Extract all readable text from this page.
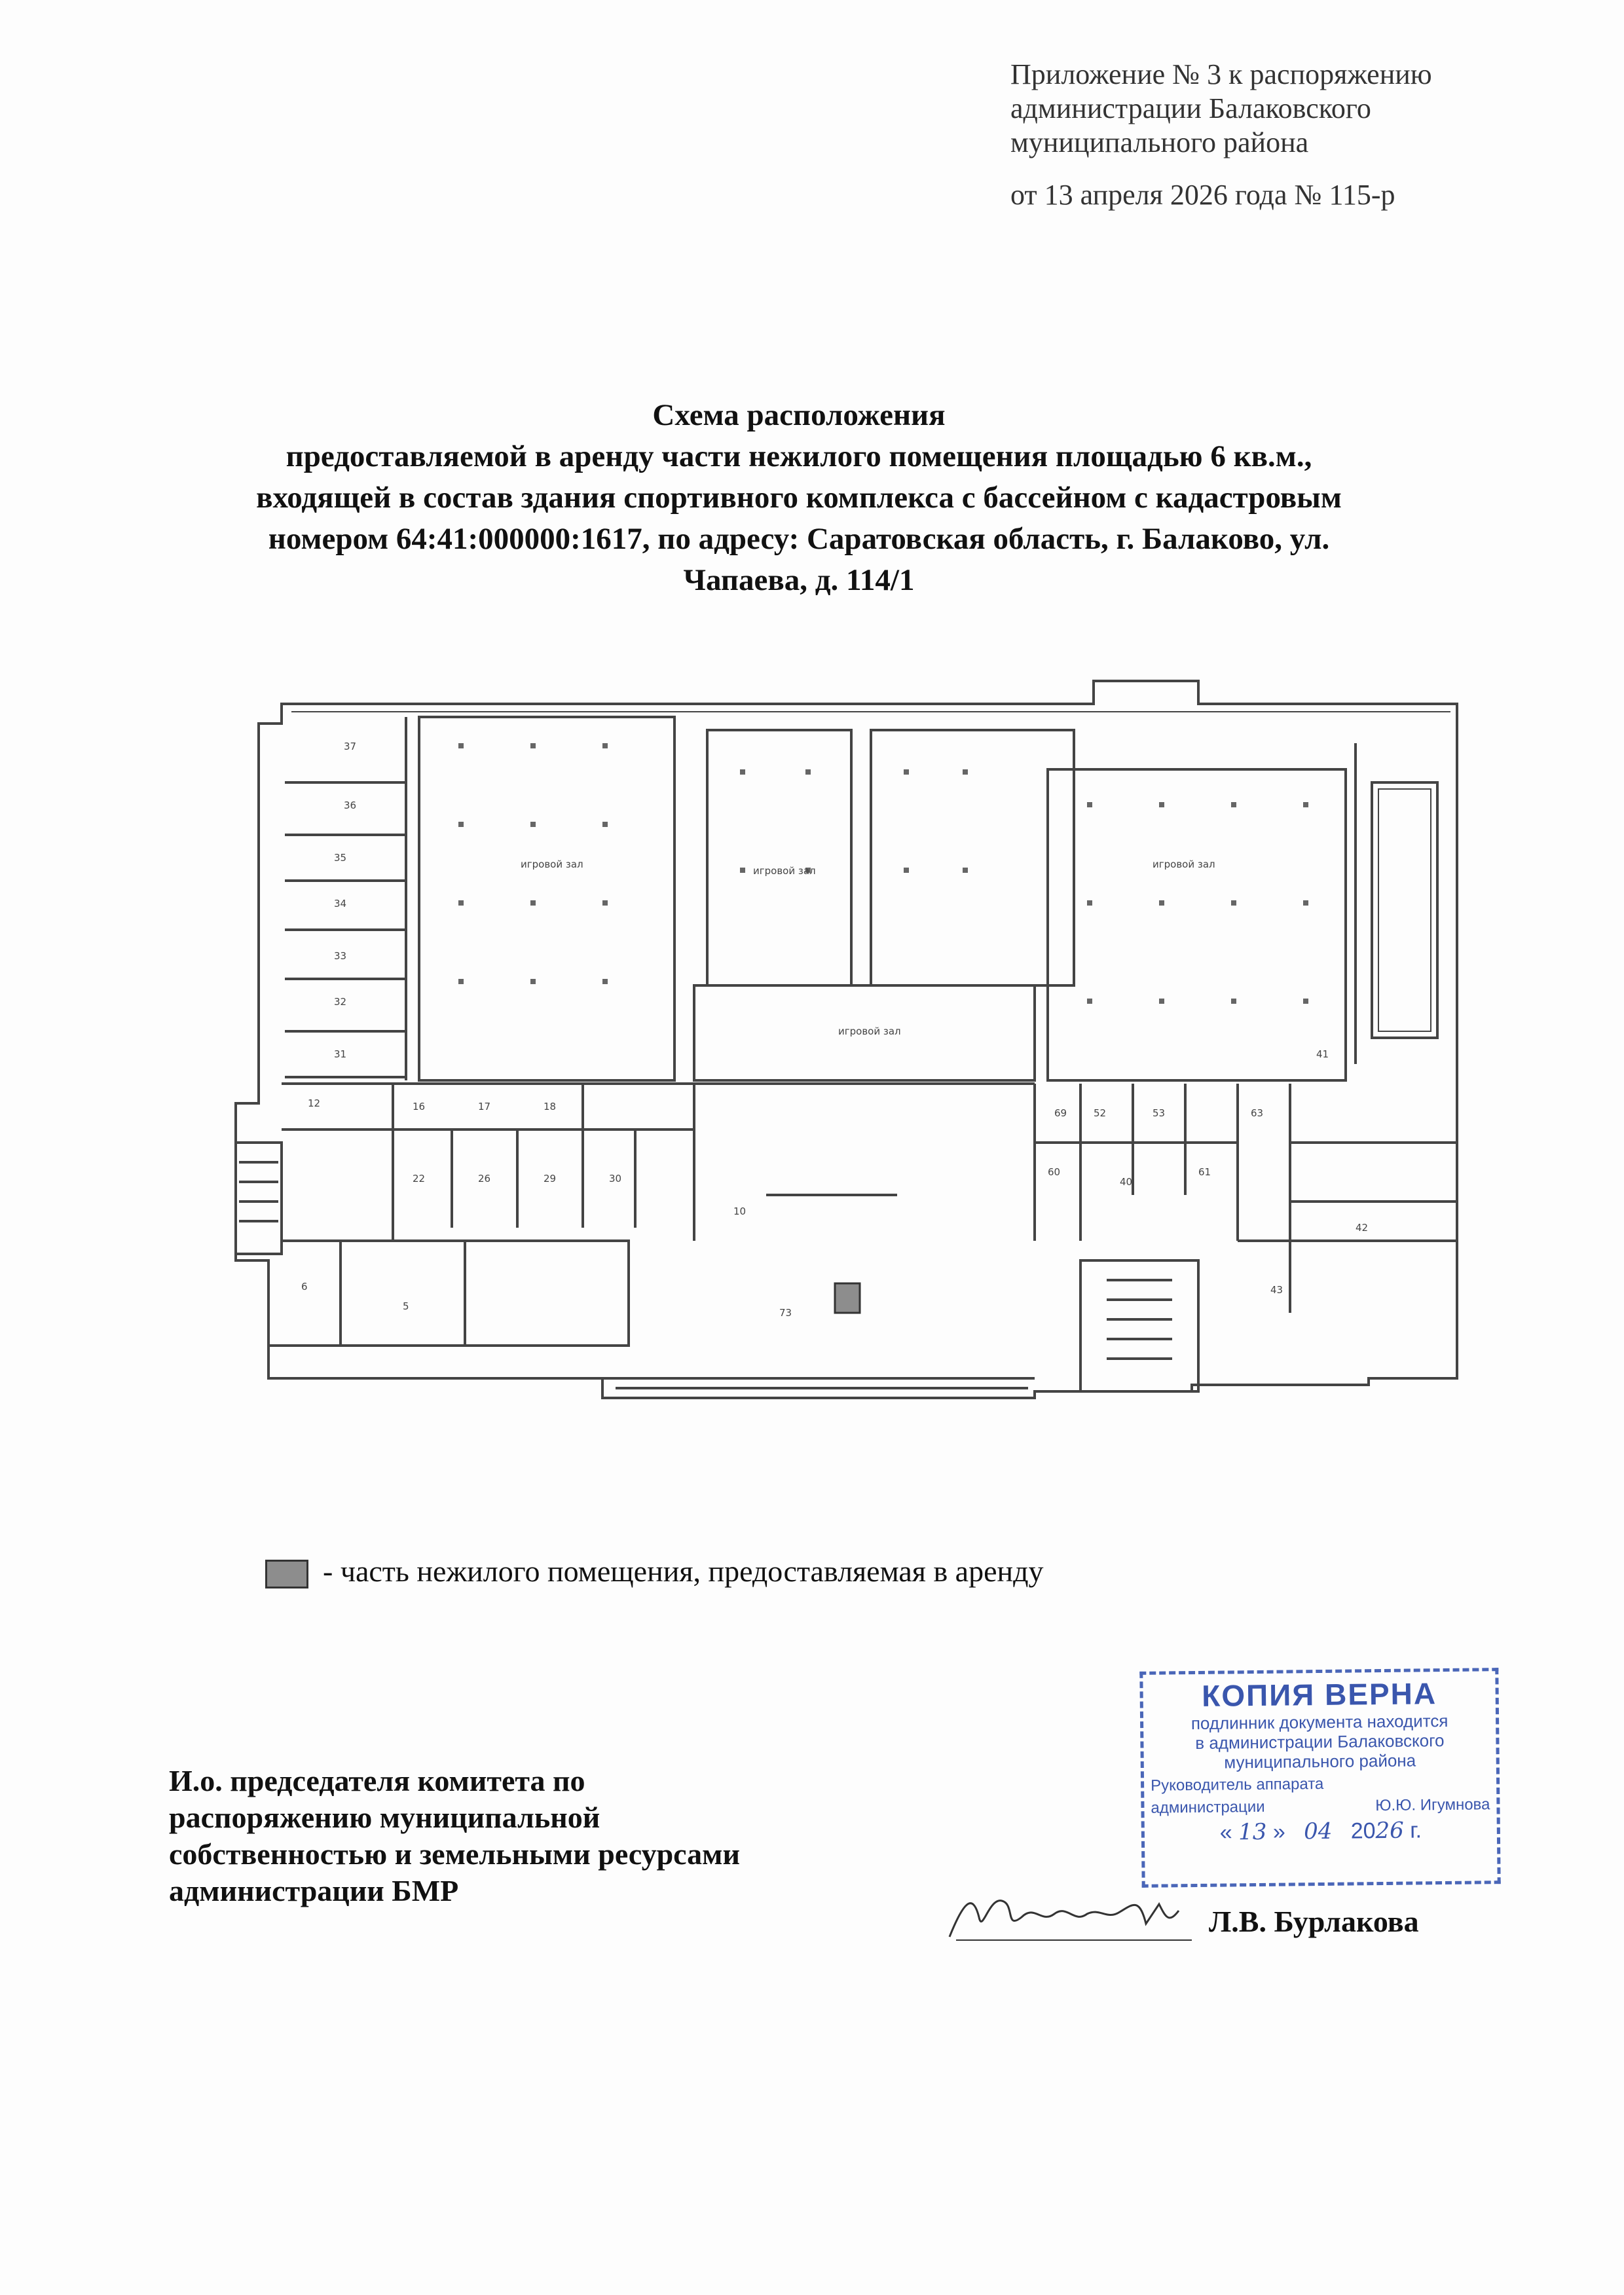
Приложение № 3 к распоряжению
администрации Балаковского
муниципального района
от 13 апреля 2026 года № 115-р
Схема расположения
предоставляемой в аренду части нежилого помещения площадью 6 кв.м.,
входящей в состав здания спортивного комплекса с бассейном с кадастровым
номером 64:41:000000:1617, по адресу: Саратовская область, г. Балаково, ул.
Чапаева, д. 114/1
игровой зал
игровой зал
игровой зал
игровой зал
37
36
35
34
33
32
31
12	16	17	18
22	26	29	30	40
41
42
43
52	53
60	61
63
69
73
5
6
10
- часть нежилого помещения, предоставляемая в аренду
КОПИЯ ВЕРНА
подлинник документа находится
в администрации Балаковского
муниципального района
Руководитель аппарата
администрации	Ю.Ю. Игумнова
« 13 »   04 2026 г.
И.о. председателя комитета по
распоряжению муниципальной
собственностью и земельными ресурсами
администрации БМР
Л.В. Бурлакова
